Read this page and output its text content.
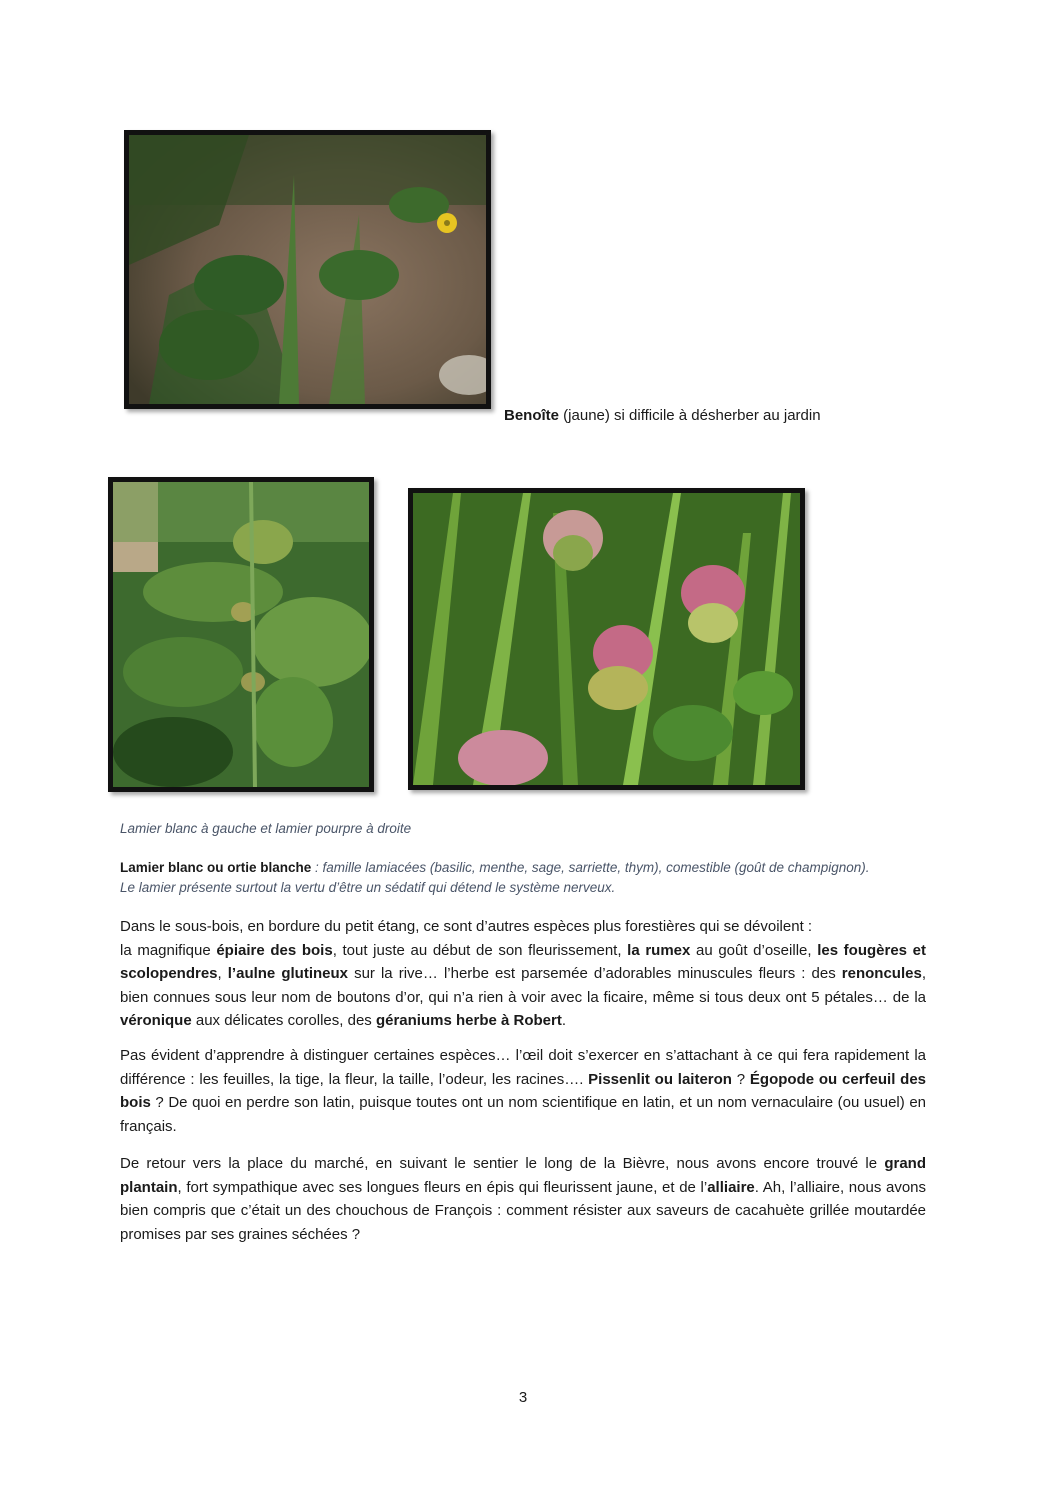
Benoîte (jaune) si difficile à désherber au jardin
Lamier blanc à gauche et lamier pourpre à droite
Lamier blanc ou ortie blanche : famille lamiacées (basilic, menthe, sage, sarriette, thym), comestible (goût de champignon).
Le lamier présente surtout la vertu d’être un sédatif qui détend le système nerveux.

Dans le sous-bois, en bordure du petit étang, ce sont d’autres espèces plus forestières qui se dévoilent :
la magnifique épiaire des bois, tout juste au début de son fleurissement, la rumex au goût d’oseille, les fougères et scolopendres, l’aulne glutineux sur la rive… l’herbe est parsemée d’adorables minuscules fleurs : des renoncules, bien connues sous leur nom de boutons d’or, qui n’a rien à voir avec la ficaire, même si tous deux ont 5 pétales… de la véronique aux délicates corolles, des géraniums herbe à Robert.

Pas évident d’apprendre à distinguer certaines espèces… l’œil doit s’exercer en s’attachant à ce qui fera rapidement la différence : les feuilles, la tige, la fleur, la taille, l’odeur, les racines…. Pissenlit ou laiteron ? Égopode ou cerfeuil des bois ? De quoi en perdre son latin, puisque toutes ont un nom scientifique en latin, et un nom vernaculaire (ou usuel) en français.

De retour vers la place du marché, en suivant le sentier le long de la Bièvre, nous avons encore trouvé le grand plantain, fort sympathique avec ses longues fleurs en épis qui fleurissent jaune, et de l’alliaire. Ah, l’alliaire, nous avons bien compris que c’était un des chouchous de François : comment résister aux saveurs de cacahuète grillée moutardée promises par ses graines séchées ?

3
